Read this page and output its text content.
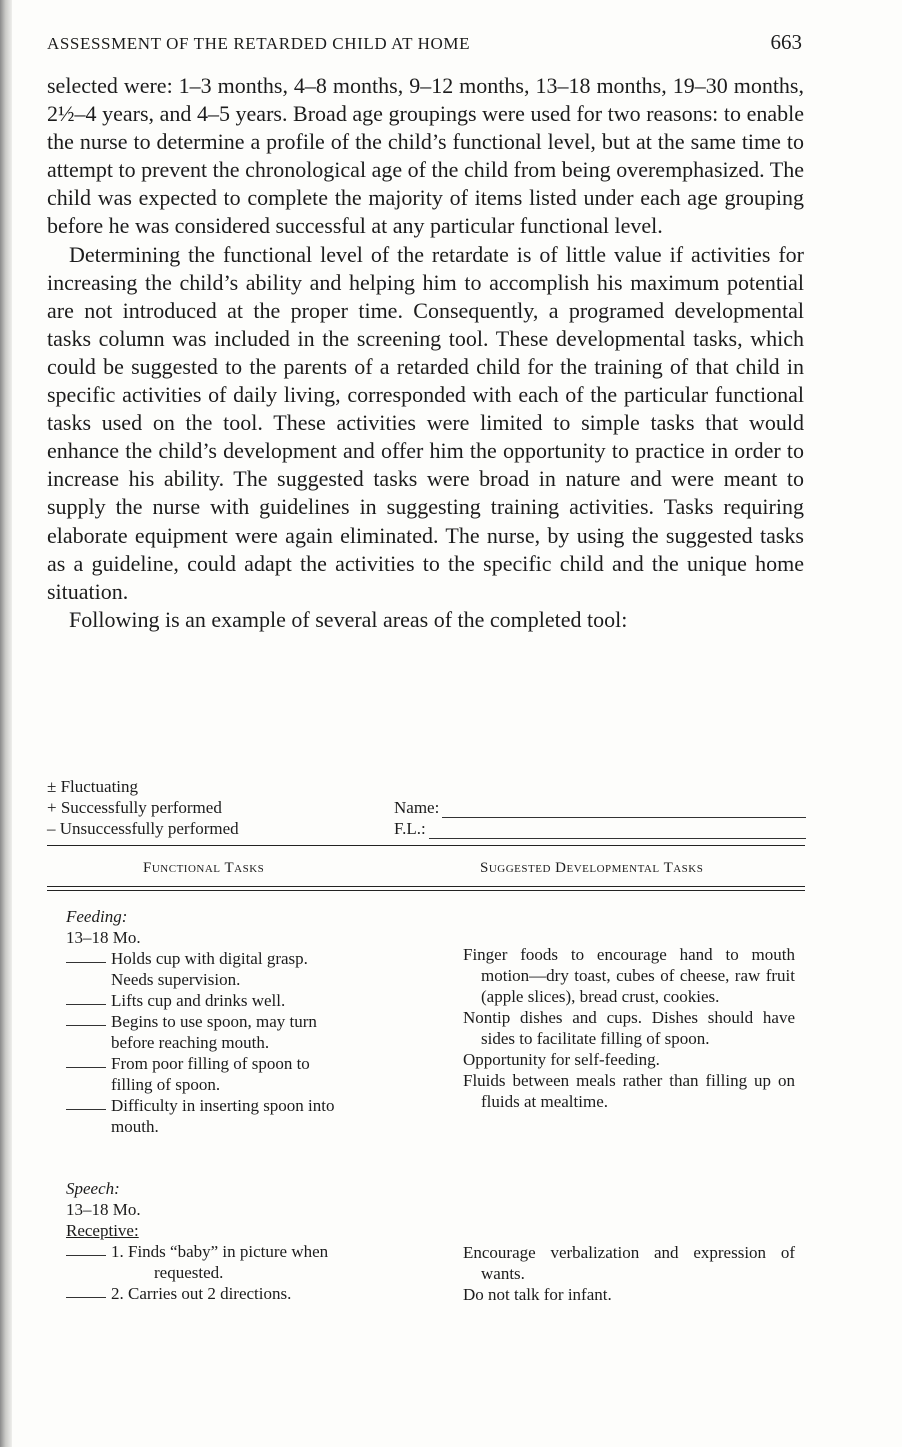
ASSESSMENT OF THE RETARDED CHILD AT HOME	663

selected were: 1–3 months, 4–8 months, 9–12 months, 13–18 months, 19–30 months, 2½–4 years, and 4–5 years. Broad age groupings were used for two reasons: to enable the nurse to determine a profile of the child’s functional level, but at the same time to attempt to prevent the chronological age of the child from being overemphasized. The child was expected to complete the majority of items listed under each age grouping before he was considered successful at any particular functional level.

Determining the functional level of the retardate is of little value if activities for increasing the child’s ability and helping him to accomplish his maximum potential are not introduced at the proper time. Consequently, a programed developmental tasks column was included in the screening tool. These developmental tasks, which could be suggested to the parents of a retarded child for the training of that child in specific activities of daily living, corresponded with each of the particular functional tasks used on the tool. These activities were limited to simple tasks that would enhance the child’s development and offer him the opportunity to practice in order to increase his ability. The suggested tasks were broad in nature and were meant to supply the nurse with guidelines in suggesting training activities. Tasks requiring elaborate equipment were again eliminated. The nurse, by using the suggested tasks as a guideline, could adapt the activities to the specific child and the unique home situation.

Following is an example of several areas of the completed tool:

± Fluctuating
+ Successfully performed
– Unsuccessfully performed
Name:
F.L.:
Functional Tasks	Suggested Developmental Tasks
Feeding:
13–18 Mo.
Holds cup with digital grasp.
Needs supervision.
Lifts cup and drinks well.
Begins to use spoon, may turn
before reaching mouth.
From poor filling of spoon to
filling of spoon.
Difficulty in inserting spoon into
mouth.
Finger foods to encourage hand to mouth motion—dry toast, cubes of cheese, raw fruit (apple slices), bread crust, cookies.
Nontip dishes and cups. Dishes should have sides to facilitate filling of spoon.
Opportunity for self-feeding.
Fluids between meals rather than filling up on fluids at mealtime.
Speech:
13–18 Mo.
Receptive:
1. Finds “baby” in picture when
requested.
2. Carries out 2 directions.
Encourage verbalization and expression of wants.
Do not talk for infant.
